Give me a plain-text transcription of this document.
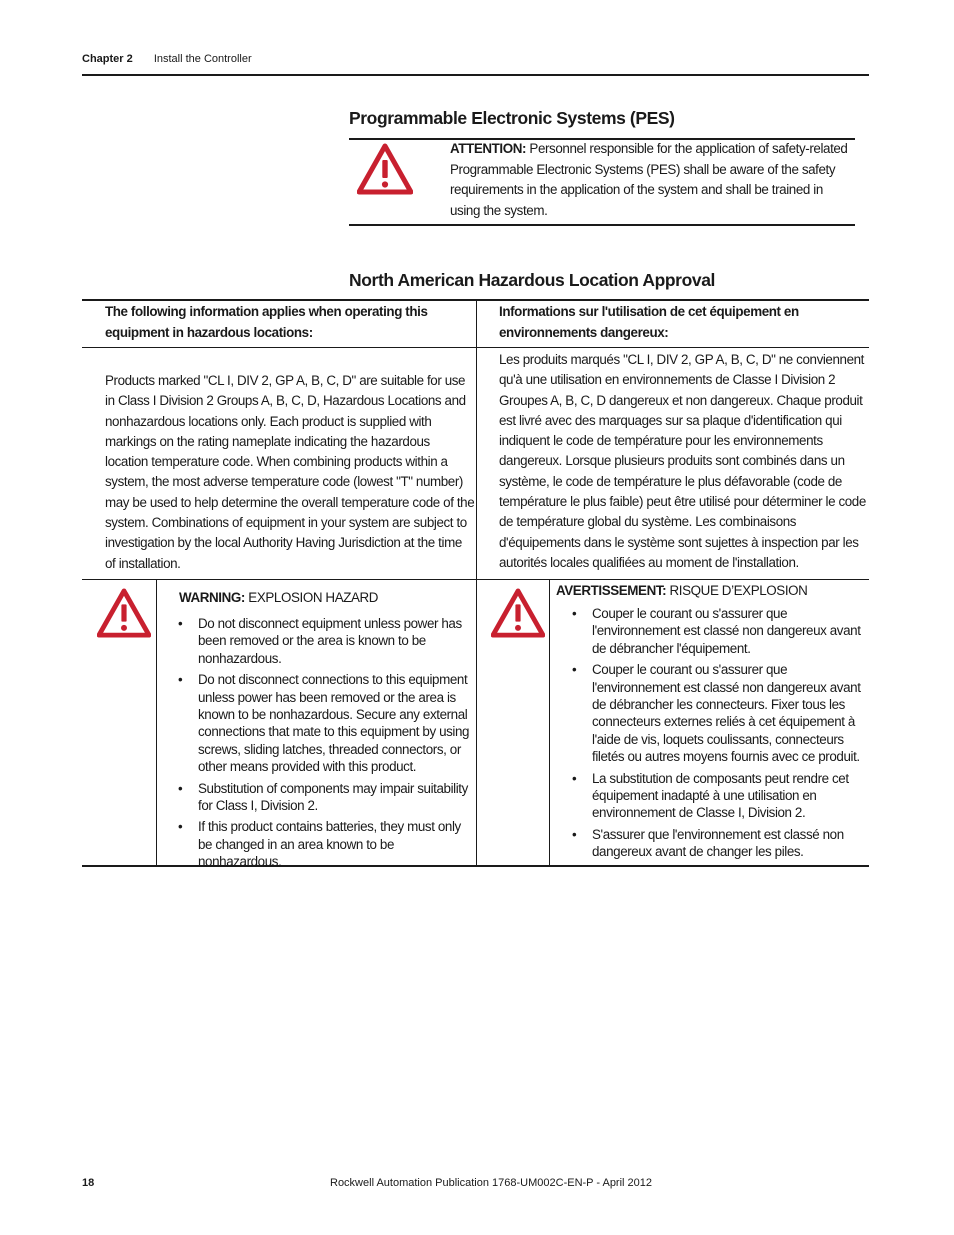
Chapter 2 Install the Controller
Programmable Electronic Systems (PES)
ATTENTION: Personnel responsible for the application of safety-related Programmable Electronic Systems (PES) shall be aware of the safety requirements in the application of the system and shall be trained in using the system.
North American Hazardous Location Approval
The following information applies when operating this equipment in hazardous locations:
Informations sur l'utilisation de cet équipement en environnements dangereux:
Products marked "CL I, DIV 2, GP A, B, C, D" are suitable for use in Class I Division 2 Groups A, B, C, D, Hazardous Locations and nonhazardous locations only. Each product is supplied with markings on the rating nameplate indicating the hazardous location temperature code. When combining products within a system, the most adverse temperature code (lowest "T" number) may be used to help determine the overall temperature code of the system. Combinations of equipment in your system are subject to investigation by the local Authority Having Jurisdiction at the time of installation.
Les produits marqués "CL I, DIV 2, GP A, B, C, D" ne conviennent qu'à une utilisation en environnements de Classe I Division 2 Groupes A, B, C, D dangereux et non dangereux. Chaque produit est livré avec des marquages sur sa plaque d'identification qui indiquent le code de température pour les environnements dangereux. Lorsque plusieurs produits sont combinés dans un système, le code de température le plus défavorable (code de température le plus faible) peut être utilisé pour déterminer le code de température global du système. Les combinaisons d'équipements dans le système sont sujettes à inspection par les autorités locales qualifiées au moment de l'installation.
WARNING: EXPLOSION HAZARD	AVERTISSEMENT: RISQUE D’EXPLOSION
• Do not disconnect equipment unless power has been removed or the area is known to be nonhazardous.
• Do not disconnect connections to this equipment unless power has been removed or the area is known to be nonhazardous. Secure any external connections that mate to this equipment by using screws, sliding latches, threaded connectors, or other means provided with this product.
• Substitution of components may impair suitability for Class I, Division 2.
• If this product contains batteries, they must only be changed in an area known to be nonhazardous.
• Couper le courant ou s'assurer que l'environnement est classé non dangereux avant de débrancher l'équipement.
• Couper le courant ou s'assurer que l'environnement est classé non dangereux avant de débrancher les connecteurs. Fixer tous les connecteurs externes reliés à cet équipement à l'aide de vis, loquets coulissants, connecteurs filetés ou autres moyens fournis avec ce produit.
• La substitution de composants peut rendre cet équipement inadapté à une utilisation en environnement de Classe I, Division 2.
• S'assurer que l'environnement est classé non dangereux avant de changer les piles.
18	Rockwell Automation Publication 1768-UM002C-EN-P - April 2012
